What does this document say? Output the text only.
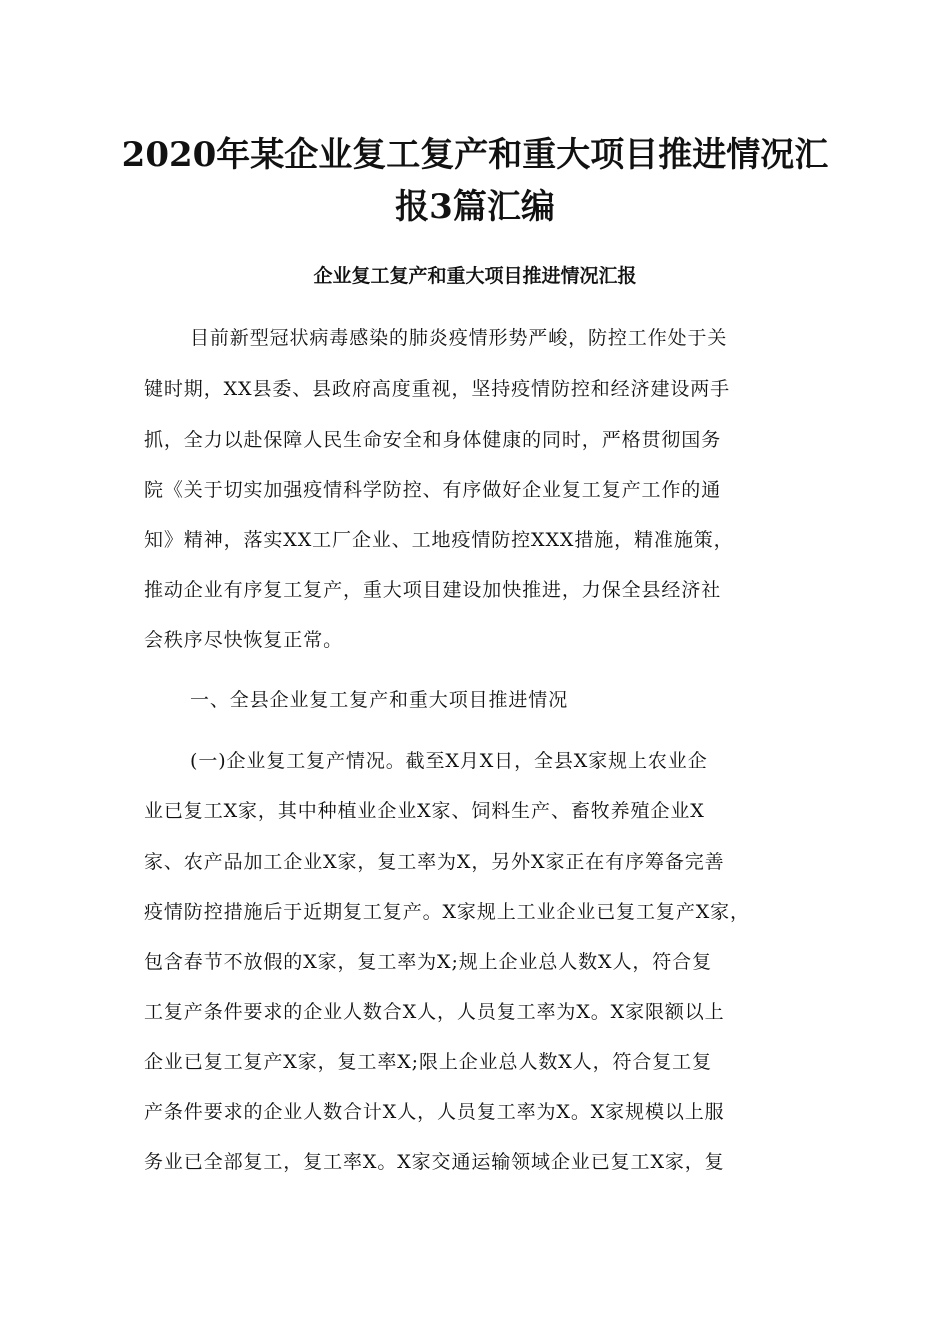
2020年某企业复工复产和重大项目推进情况汇
报3篇汇编
企业复工复产和重大项目推进情况汇报

目前新型冠状病毒感染的肺炎疫情形势严峻，防控工作处于关

键时期，XX县委、县政府高度重视，坚持疫情防控和经济建设两手

抓，全力以赴保障人民生命安全和身体健康的同时，严格贯彻国务

院《关于切实加强疫情科学防控、有序做好企业复工复产工作的通

知》精神，落实XX工厂企业、工地疫情防控XXX措施，精准施策，

推动企业有序复工复产，重大项目建设加快推进，力保全县经济社

会秩序尽快恢复正常。

一、全县企业复工复产和重大项目推进情况

(一)企业复工复产情况。截至X月X日，全县X家规上农业企

业已复工X家，其中种植业企业X家、饲料生产、畜牧养殖企业X

家、农产品加工企业X家，复工率为X，另外X家正在有序筹备完善

疫情防控措施后于近期复工复产。X家规上工业企业已复工复产X家，

包含春节不放假的X家，复工率为X;规上企业总人数X人，符合复

工复产条件要求的企业人数合X人，人员复工率为X。X家限额以上

企业已复工复产X家，复工率X;限上企业总人数X人，符合复工复

产条件要求的企业人数合计X人，人员复工率为X。X家规模以上服

务业已全部复工，复工率X。X家交通运输领域企业已复工X家，复
